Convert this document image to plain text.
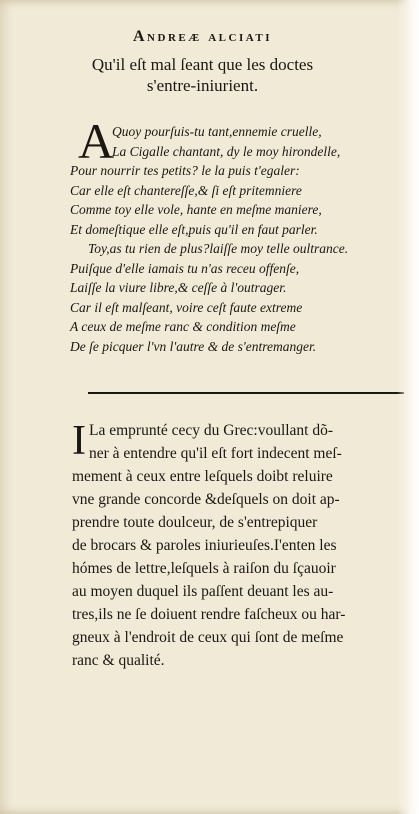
Andreæ alciati
Qu'il eſt mal ſeant que les doctes
s'entre-iniurient.
A
Quoy pourſuis-tu tant,ennemie cruelle,
La Cigalle chantant, dy le moy hirondelle,
Pour nourrir tes petits? le la puis t'egaler:
Car elle eſt chantereſſe,& ſi eſt pritemniere
Comme toy elle vole, hante en meſme maniere,
Et domeſtique elle eſt,puis qu'il en faut parler.
Toy,as tu rien de plus?laiſſe moy telle oultrance.
Puiſque d'elle iamais tu n'as receu offenſe,
Laiſſe la viure libre,& ceſſe à l'outrager.
Car il eſt malſeant, voire ceſt faute extreme
A ceux de meſme ranc & condition meſme
De ſe picquer l'vn l'autre & de s'entremanger.
I La emprunté cecy du Grec:voullant dõ-
ner à entendre qu'il eſt fort indecent meſ-
mement à ceux entre leſquels doibt reluire
vne grande concorde &deſquels on doit ap-
prendre toute doulceur, de s'entrepiquer
de brocars & paroles iniurieuſes.I'enten les
hómes de lettre,leſquels à raiſon du ſçauoir
au moyen duquel ils paſſent deuant les au-
tres,ils ne ſe doiuent rendre faſcheux ou har-
gneux à l'endroit de ceux qui ſont de meſme
ranc & qualité.
